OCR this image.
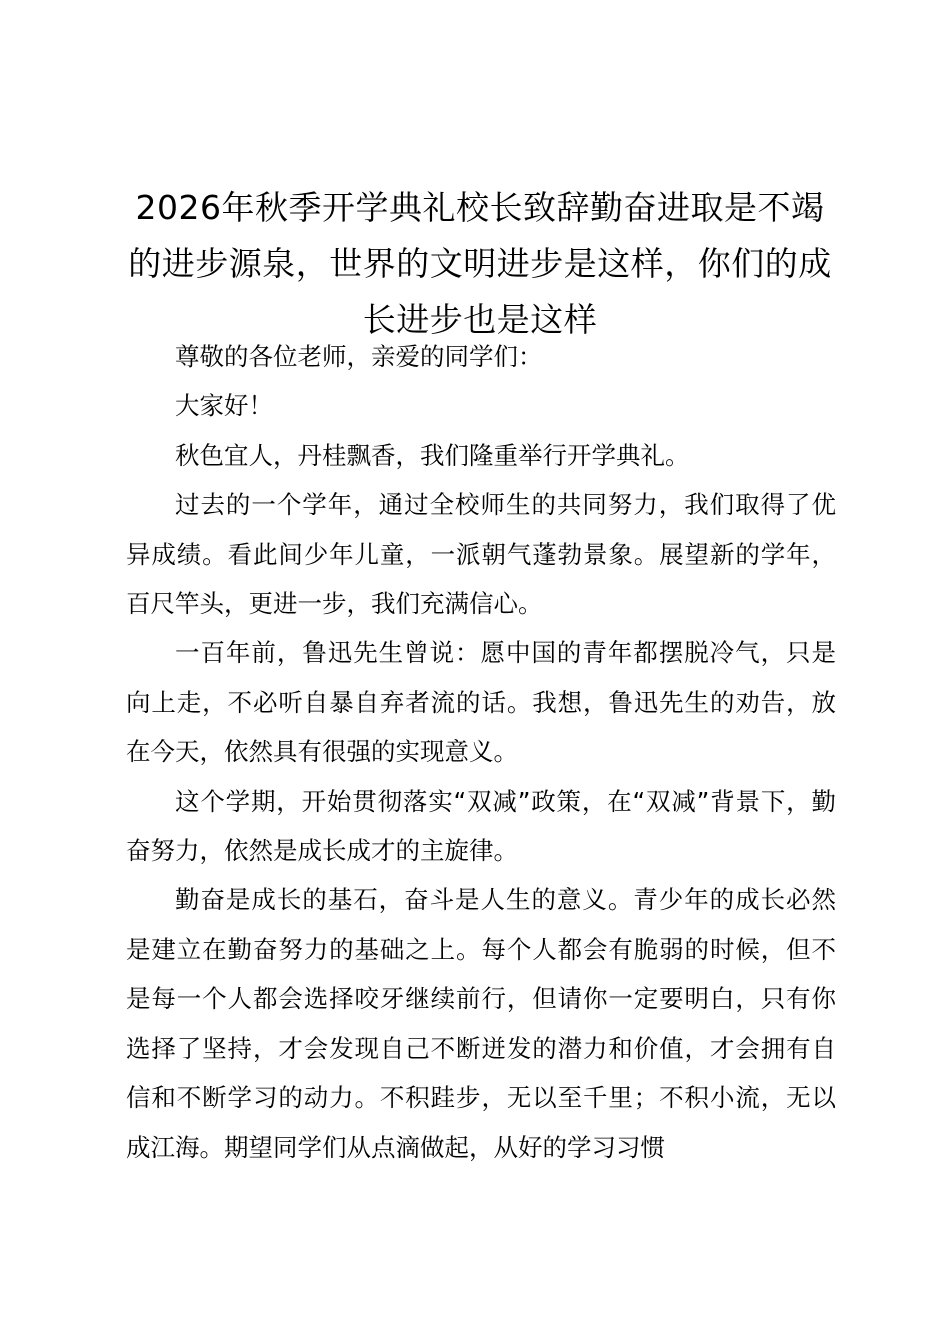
2026年秋季开学典礼校长致辞勤奋进取是不竭的进步源泉，世界的文明进步是这样，你们的成长进步也是这样

尊敬的各位老师，亲爱的同学们：

大家好！

秋色宜人，丹桂飘香，我们隆重举行开学典礼。

过去的一个学年，通过全校师生的共同努力，我们取得了优异成绩。看此间少年儿童，一派朝气蓬勃景象。展望新的学年，百尺竿头，更进一步，我们充满信心。

一百年前，鲁迅先生曾说：愿中国的青年都摆脱冷气，只是向上走，不必听自暴自弃者流的话。我想，鲁迅先生的劝告，放在今天，依然具有很强的实现意义。

这个学期，开始贯彻落实“双减”政策，在“双减”背景下，勤奋努力，依然是成长成才的主旋律。

勤奋是成长的基石，奋斗是人生的意义。青少年的成长必然是建立在勤奋努力的基础之上。每个人都会有脆弱的时候，但不是每一个人都会选择咬牙继续前行，但请你一定要明白，只有你选择了坚持，才会发现自己不断迸发的潜力和价值，才会拥有自信和不断学习的动力。不积跬步，无以至千里；不积小流，无以成江海。期望同学们从点滴做起，从好的学习习惯
